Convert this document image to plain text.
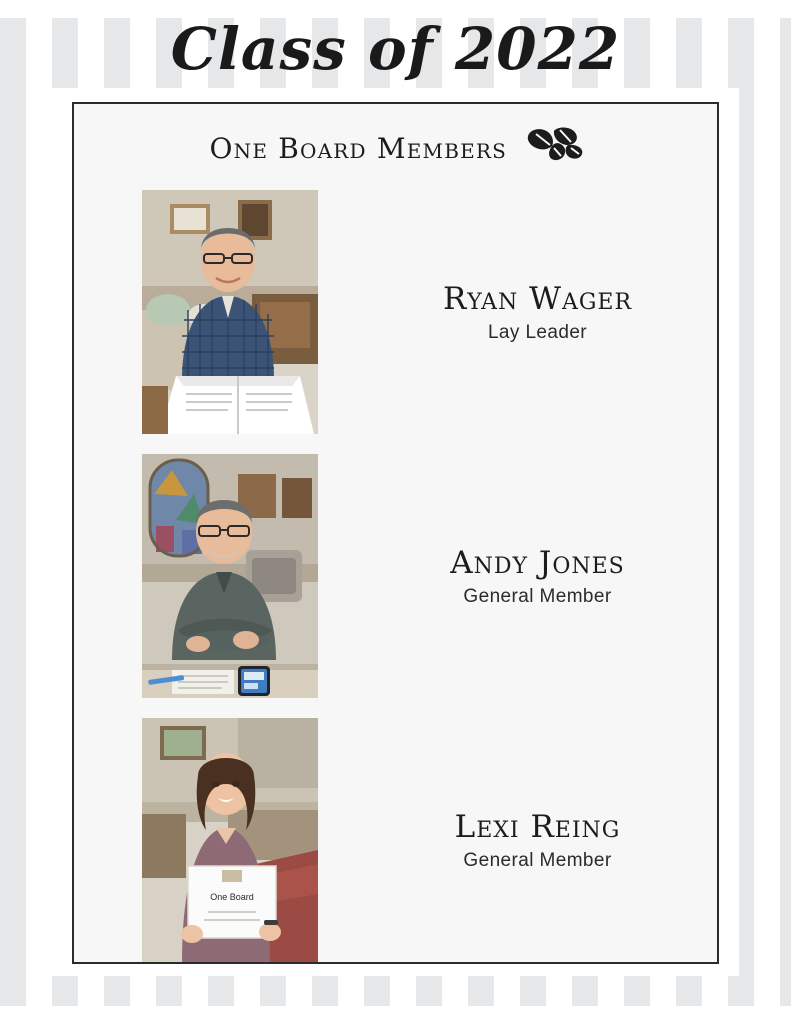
Class of 2022
One Board Members
Ryan Wager
Lay Leader
Andy Jones
General Member
One Board
Lexi Reing
General Member
